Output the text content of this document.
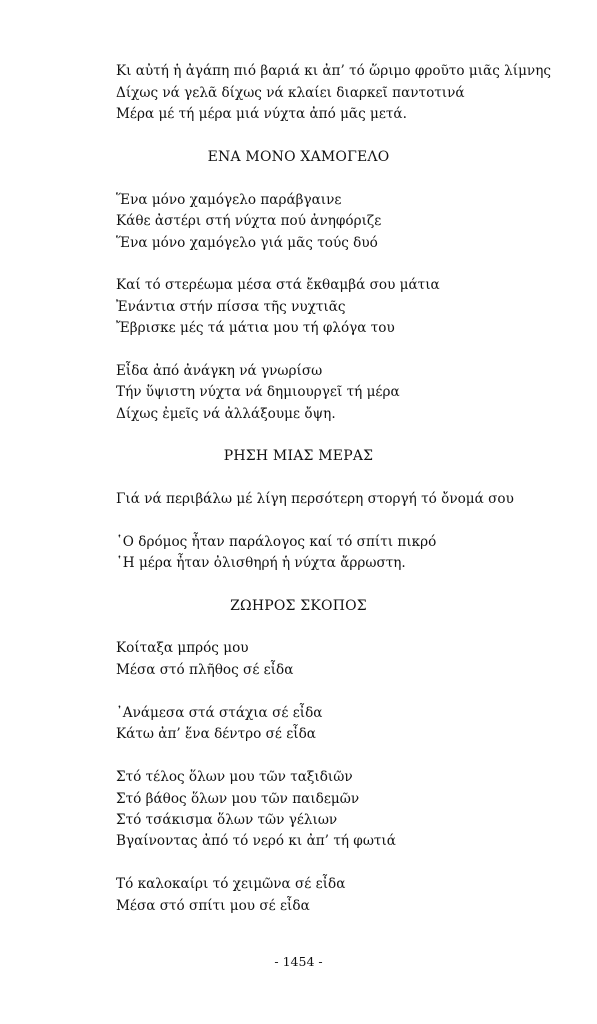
Κι αὐτή ἡ ἀγάπη πιό βαριά κι ἀπ’ τό ὥριμο φροῦτο μιᾶς λίμνης
Δίχως νά γελᾶ δίχως νά κλαίει διαρκεῖ παντοτινά
Μέρα μέ τή μέρα μιά νύχτα ἀπό μᾶς μετά.
ΕΝΑ ΜΟΝΟ ΧΑΜΟΓΕΛΟ
Ἕνα μόνο χαμόγελο παράβγαινε
Κάθε ἀστέρι στή νύχτα πού ἀνηφόριζε
Ἕνα μόνο χαμόγελο γιά μᾶς τούς δυό
Καί τό στερέωμα μέσα στά ἔκθαμβά σου μάτια
Ἐνάντια στήν πίσσα τῆς νυχτιᾶς
Ἔβρισκε μές τά μάτια μου τή φλόγα του
Εἶδα ἀπό ἀνάγκη νά γνωρίσω
Τήν ὕψιστη νύχτα νά δημιουργεῖ τή μέρα
Δίχως ἐμεῖς νά ἀλλάξουμε ὄψη.
ΡΗΣΗ ΜΙΑΣ ΜΕΡΑΣ
Γιά νά περιβάλω μέ λίγη περσότερη στοργή τό ὄνομά σου
῾Ο δρόμος ἦταν παράλογος καί τό σπίτι πικρό
῾Η μέρα ἦταν ὀλισθηρή ἡ νύχτα ἄρρωστη.
ΖΩΗΡΟΣ ΣΚΟΠΟΣ
Κοίταξα μπρός μου
Μέσα στό πλῆθος σέ εἶδα
᾿Ανάμεσα στά στάχια σέ εἶδα
Κάτω ἀπ’ ἕνα δέντρο σέ εἶδα
Στό τέλος ὅλων μου τῶν ταξιδιῶν
Στό βάθος ὅλων μου τῶν παιδεμῶν
Στό τσάκισμα ὅλων τῶν γέλιων
Βγαίνοντας ἀπό τό νερό κι ἀπ’ τή φωτιά
Τό καλοκαίρι τό χειμῶνα σέ εἶδα
Μέσα στό σπίτι μου σέ εἶδα
- 1454 -
